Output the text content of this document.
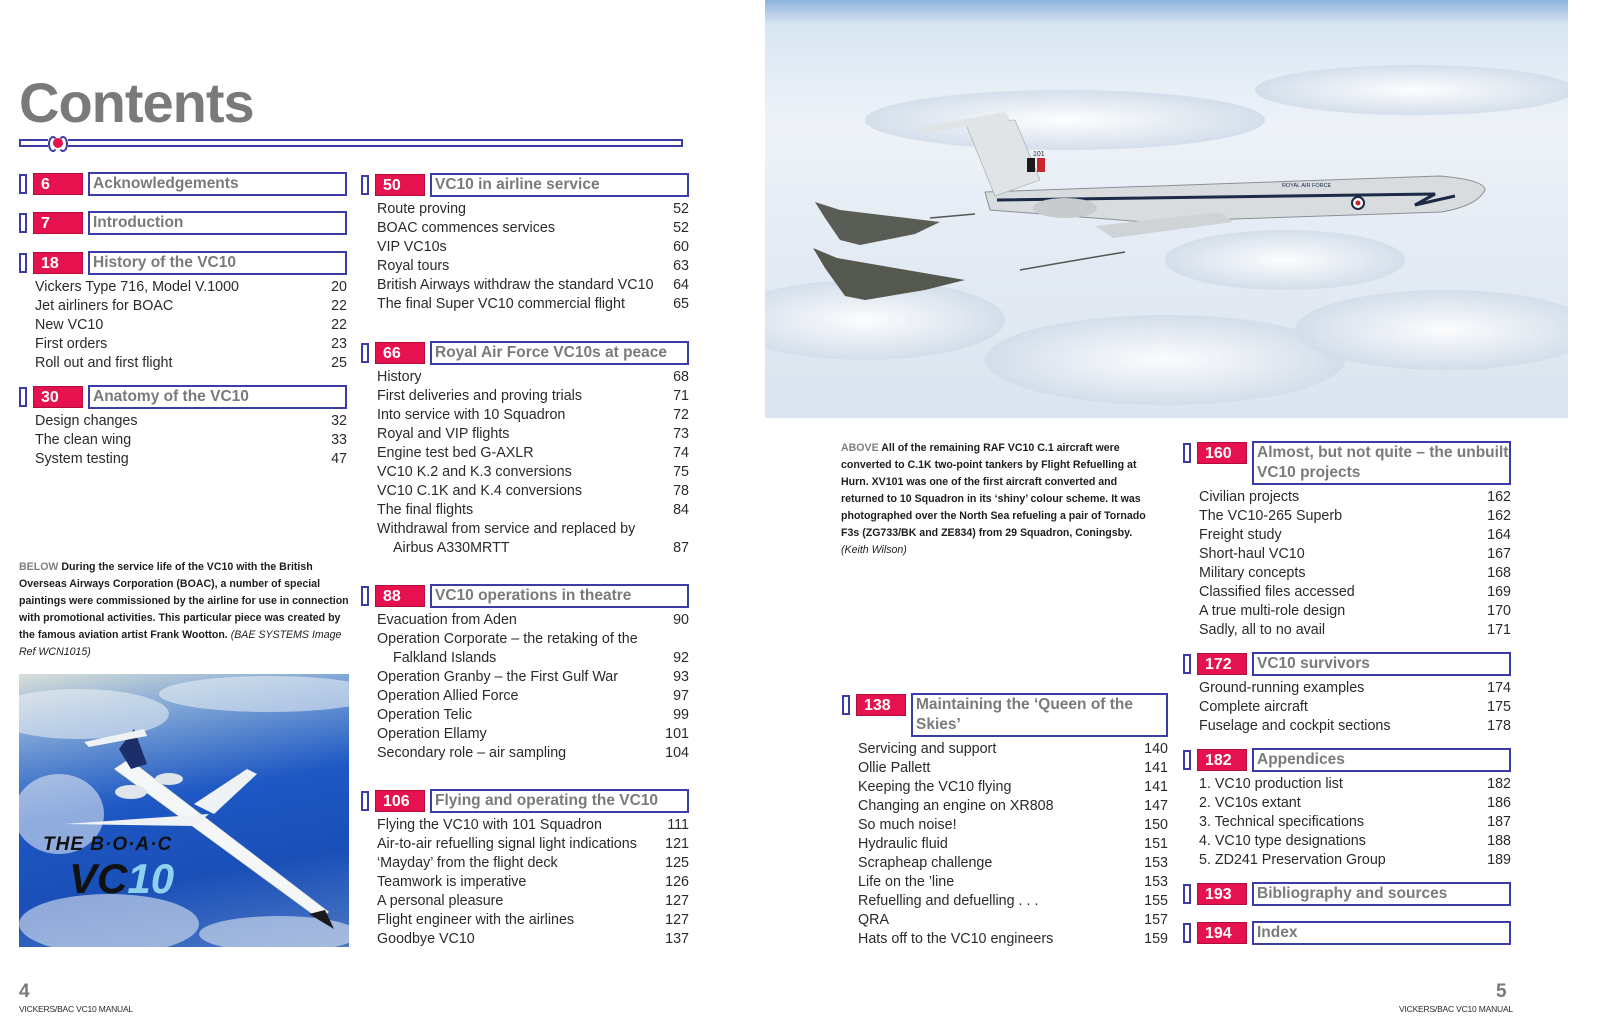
Contents
6	Acknowledgements
7	Introduction
18	History of the VC10
Vickers Type 716, Model V.1000	20
Jet airliners for BOAC	22
New VC10	22
First orders	23
Roll out and first flight	25
30	Anatomy of the VC10
Design changes	32
The clean wing	33
System testing	47
50	VC10 in airline service
Route proving	52
BOAC commences services	52
VIP VC10s	60
Royal tours	63
British Airways withdraw the standard VC10	64
The final Super VC10 commercial flight	65
66	Royal Air Force VC10s at peace
History	68
First deliveries and proving trials	71
Into service with 10 Squadron	72
Royal and VIP flights	73
Engine test bed G-AXLR	74
VC10 K.2 and K.3 conversions	75
VC10 C.1K and K.4 conversions	78
The final flights	84
Withdrawal from service and replaced by
Airbus A330MRTT	87
88	VC10 operations in theatre
Evacuation from Aden	90
Operation Corporate – the retaking of the
Falkland Islands	92
Operation Granby – the First Gulf War	93
Operation Allied Force	97
Operation Telic	99
Operation Ellamy	101
Secondary role – air sampling	104
106	Flying and operating the VC10
Flying the VC10 with 101 Squadron	111
Air-to-air refuelling signal light indications	121
‘Mayday’ from the flight deck	125
Teamwork is imperative	126
A personal pleasure	127
Flight engineer with the airlines	127
Goodbye VC10	137
138	Maintaining the ‘Queen of the Skies’
Servicing and support	140
Ollie Pallett	141
Keeping the VC10 flying	141
Changing an engine on XR808	147
So much noise!	150
Hydraulic fluid	151
Scrapheap challenge	153
Life on the ’line	153
Refuelling and defuelling . . .	155
QRA	157
Hats off to the VC10 engineers	159
160	Almost, but not quite – the unbuilt VC10 projects
Civilian projects	162
The VC10-265 Superb	162
Freight study	164
Short-haul VC10	167
Military concepts	168
Classified files accessed	169
A true multi-role design	170
Sadly, all to no avail	171
172	VC10 survivors
Ground-running examples	174
Complete aircraft	175
Fuselage and cockpit sections	178
182	Appendices
1. VC10 production list	182
2. VC10s extant	186
3. Technical specifications	187
4. VC10 type designations	188
5. ZD241 Preservation Group	189
193	Bibliography and sources
194	Index
BELOW During the service life of the VC10 with the British Overseas Airways Corporation (BOAC), a number of special paintings were commissioned by the airline for use in connection with promotional activities. This particular piece was created by the famous aviation artist Frank Wootton. (BAE SYSTEMS Image Ref WCN1015)
THE B·O·A·C
VC10
ROYAL AIR FORCE
101
ABOVE All of the remaining RAF VC10 C.1 aircraft were converted to C.1K two-point tankers by Flight Refuelling at Hurn. XV101 was one of the first aircraft converted and returned to 10 Squadron in its ‘shiny’ colour scheme. It was photographed over the North Sea refueling a pair of Tornado F3s (ZG733/BK and ZE834) from 29 Squadron, Coningsby. (Keith Wilson)
4
VICKERS/BAC VC10 MANUAL
5
VICKERS/BAC VC10 MANUAL
